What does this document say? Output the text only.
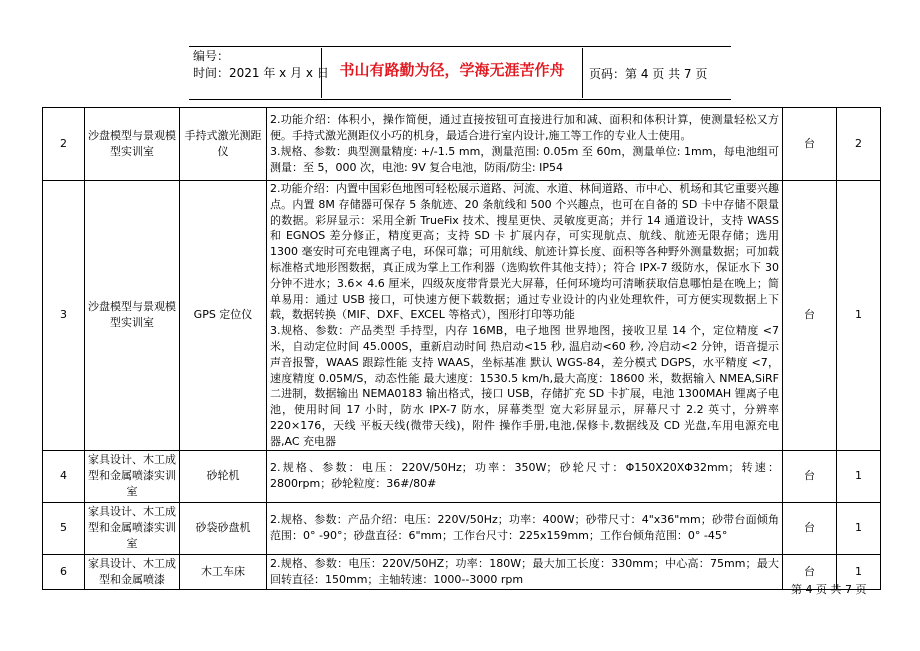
编号：
时间：2021 年 x 月 x 日 书山有路勤为径，学海无涯苦作舟	页码：第 4 页 共 7 页
2	沙盘模型与景观模型实训室	手持式激光测距仪	2.功能介绍：体积小，操作简便，通过直接按钮可直接进行加和减、面积和体积计算，使测量轻松又方便。手持式激光测距仪小巧的机身，最适合进行室内设计,施工等工作的专业人士使用。
3.规格、参数：典型测量精度: +/-1.5 mm，测量范围: 0.05m 至 60m，测量单位: 1mm，每电池组可测量：至 5，000 次，电池: 9V 复合电池，防雨/防尘: IP54	台	2
3	沙盘模型与景观模型实训室	GPS 定位仪	2.功能介绍：内置中国彩色地图可轻松展示道路、河流、水道、林间道路、市中心、机场和其它重要兴趣点。内置 8M 存储器可保存 5 条航迹、20 条航线和 500 个兴趣点，也可在自备的 SD 卡中存储不限量的数据。彩屏显示：采用全新 TrueFix 技术、搜星更快、灵敏度更高；并行 14 通道设计，支持 WASS 和 EGNOS 差分修正，精度更高；支持 SD 卡 扩展内存，可实现航点、航线、航迹无限存储；选用 1300 毫安时可充电锂离子电，环保可靠；可用航线、航迹计算长度、面积等各种野外测量数据；可加载标准格式地形图数据，真正成为掌上工作利器（选购软件其他支持）；符合 IPX-7 级防水，保证水下 30 分钟不进水；3.6× 4.6 厘米，四级灰度带背景光大屏幕，任何环境均可清晰获取信息哪怕是在晚上；简单易用：通过 USB 接口，可快速方便下载数据；通过专业设计的内业处理软件，可方便实现数据上下载，数据转换（MIF、DXF、EXCEL 等格式），图形打印等功能
3.规格、参数：产品类型 手持型，内存 16MB，电子地图 世界地图，接收卫星 14 个，定位精度 <7 米，自动定位时间 45.000S，重新启动时间 热启动<15 秒, 温启动<60 秒, 冷启动<2 分钟，语音提示 声音报警，WAAS 跟踪性能 支持 WAAS，坐标基准 默认 WGS-84，差分模式 DGPS，水平精度 <7，速度精度 0.05M/S，动态性能 最大速度：1530.5 km/h,最大高度：18600 米，数据输入 NMEA,SiRF 二进制，数据输出 NEMA0183 输出格式，接口 USB，存储扩充 SD 卡扩展，电池 1300MAH 锂离子电池，使用时间 17 小时，防水 IPX-7 防水，屏幕类型 宽大彩屏显示，屏幕尺寸 2.2 英寸，分辨率 220×176，天线 平板天线(微带天线)，附件 操作手册,电池,保修卡,数据线及 CD 光盘,车用电源充电器,AC 充电器	台	1
4	家具设计、木工成型和金属喷漆实训室	砂轮机	2.规格、参数：电压：220V/50Hz；功率：350W；砂轮尺寸：Φ150X20XΦ32mm；转速：2800rpm；砂轮粒度：36#/80#	台	1
5	家具设计、木工成型和金属喷漆实训室	砂袋砂盘机	2.规格、参数：产品介绍：电压：220V/50Hz；功率：400W；砂带尺寸：4"x36"mm；砂带台面倾角范围：0° -90°；砂盘直径：6"mm；工作台尺寸：225x159mm；工作台倾角范围：0° -45°	台	1
6	家具设计、木工成型和金属喷漆	木工车床	2.规格、参数：电压：220V/50HZ；功率：180W；最大加工长度：330mm；中心高：75mm；最大回转直径：150mm；主轴转速：1000--3000 rpm	台	1
第 4 页 共 7 页
